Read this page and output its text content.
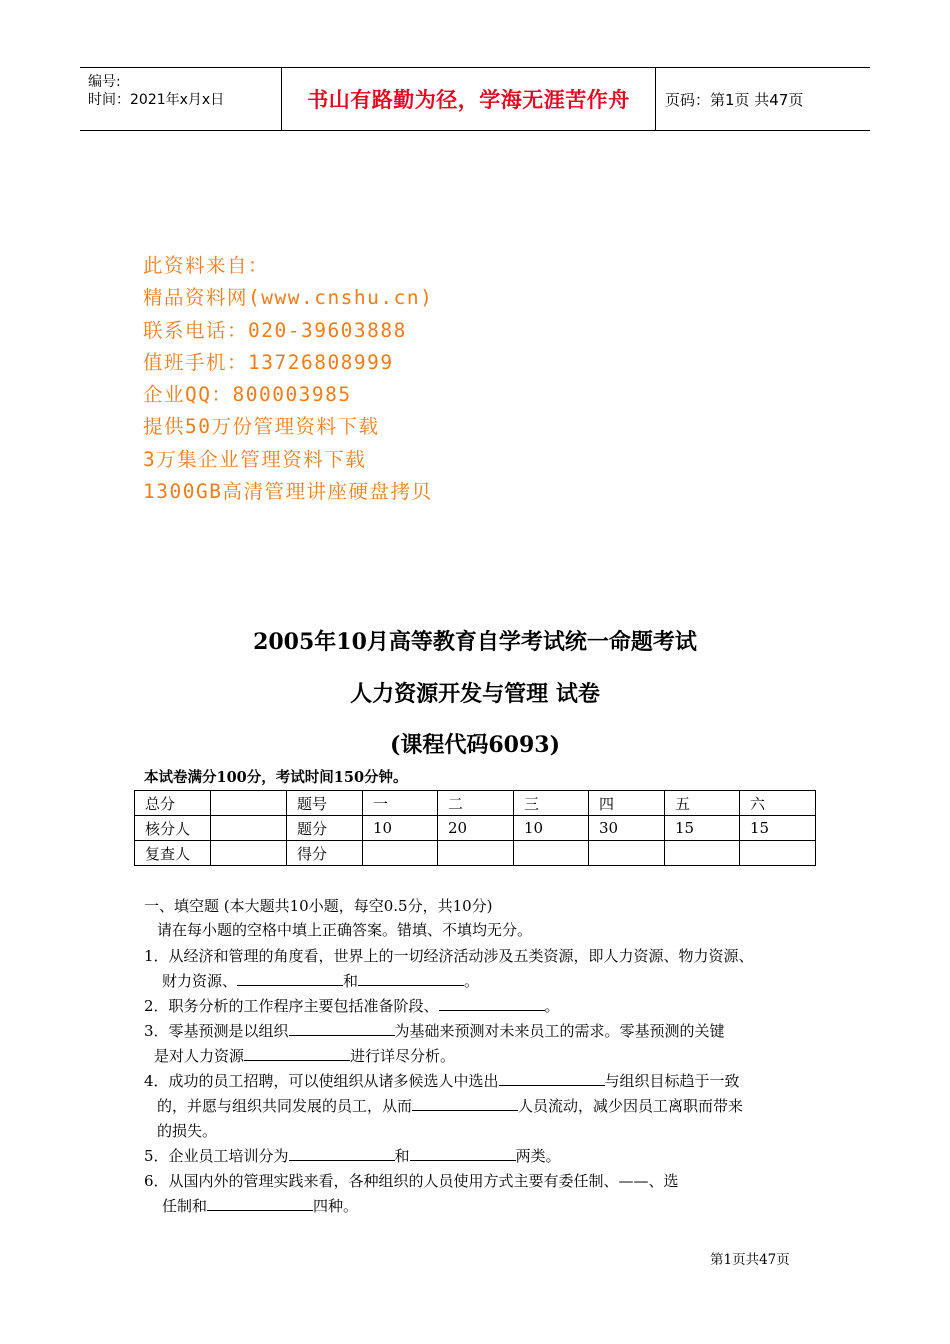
编号:
时间：2021年x月x日	书山有路勤为径，学海无涯苦作舟 页码：第1页 共47页
此资料来自：
精品资料网(www.cnshu.cn)
联系电话：020-39603888
值班手机：13726808999
企业QQ：800003985
提供50万份管理资料下载
3万集企业管理资料下载
1300GB高清管理讲座硬盘拷贝
2005年10月高等教育自学考试统一命题考试
人力资源开发与管理 试卷
(课程代码6093)
本试卷满分100分，考试时间150分钟。
总分		题号	一	二	三	四	五	六
核分人		题分	10	20	10	30	15	15
复查人		得分						
一、填空题 (本大题共10小题，每空0.5分，共10分)
请在每小题的空格中填上正确答案。错填、不填均无分。
1．从经济和管理的角度看，世界上的一切经济活动涉及五类资源，即人力资源、物力资源、
财力资源、	和	。
2．职务分析的工作程序主要包括准备阶段、	。
3．零基预测是以组织	为基础来预测对未来员工的需求。零基预测的关键
是对人力资源	进行详尽分析。
4．成功的员工招聘，可以使组织从诸多候选人中选出	与组织目标趋于一致
的，并愿与组织共同发展的员工，从而	人员流动，减少因员工离职而带来
的损失。
5．企业员工培训分为	和	两类。
6．从国内外的管理实践来看，各种组织的人员使用方式主要有委任制、——、选
任制和	四种。
第1页共47页
